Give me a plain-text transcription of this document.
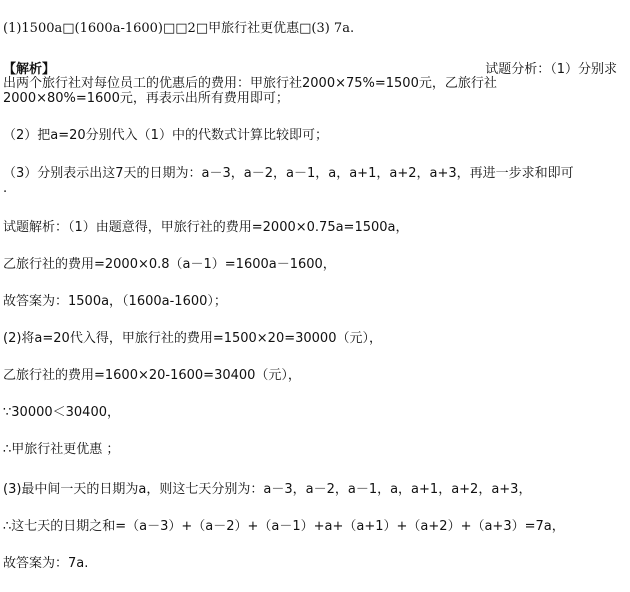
(1)1500a□(1600a-1600)□□2□甲旅行社更优惠□(3) 7a.
【解析】	试题分析：（1）分别求
出两个旅行社对每位员工的优惠后的费用：甲旅行社2000×75%=1500元，乙旅行社
2000×80%=1600元，再表示出所有费用即可；
（2）把a=20分别代入（1）中的代数式计算比较即可；
（3）分别表示出这7天的日期为：a－3，a－2，a－1，a，a+1，a+2，a+3，再进一步求和即可
.
试题解析：（1）由题意得，甲旅行社的费用=2000×0.75a=1500a，
乙旅行社的费用=2000×0.8（a－1）=1600a－1600，
故答案为：1500a，（1600a-1600）；
(2)将a=20代入得，甲旅行社的费用=1500×20=30000（元），
乙旅行社的费用=1600×20-1600=30400（元），
∵30000＜30400，
∴甲旅行社更优惠 ；
(3)最中间一天的日期为a，则这七天分别为：a－3，a－2，a－1，a，a+1，a+2，a+3，
∴这七天的日期之和=（a－3）+（a－2）+（a－1）+a+（a+1）+（a+2）+（a+3）=7a，
故答案为：7a.
